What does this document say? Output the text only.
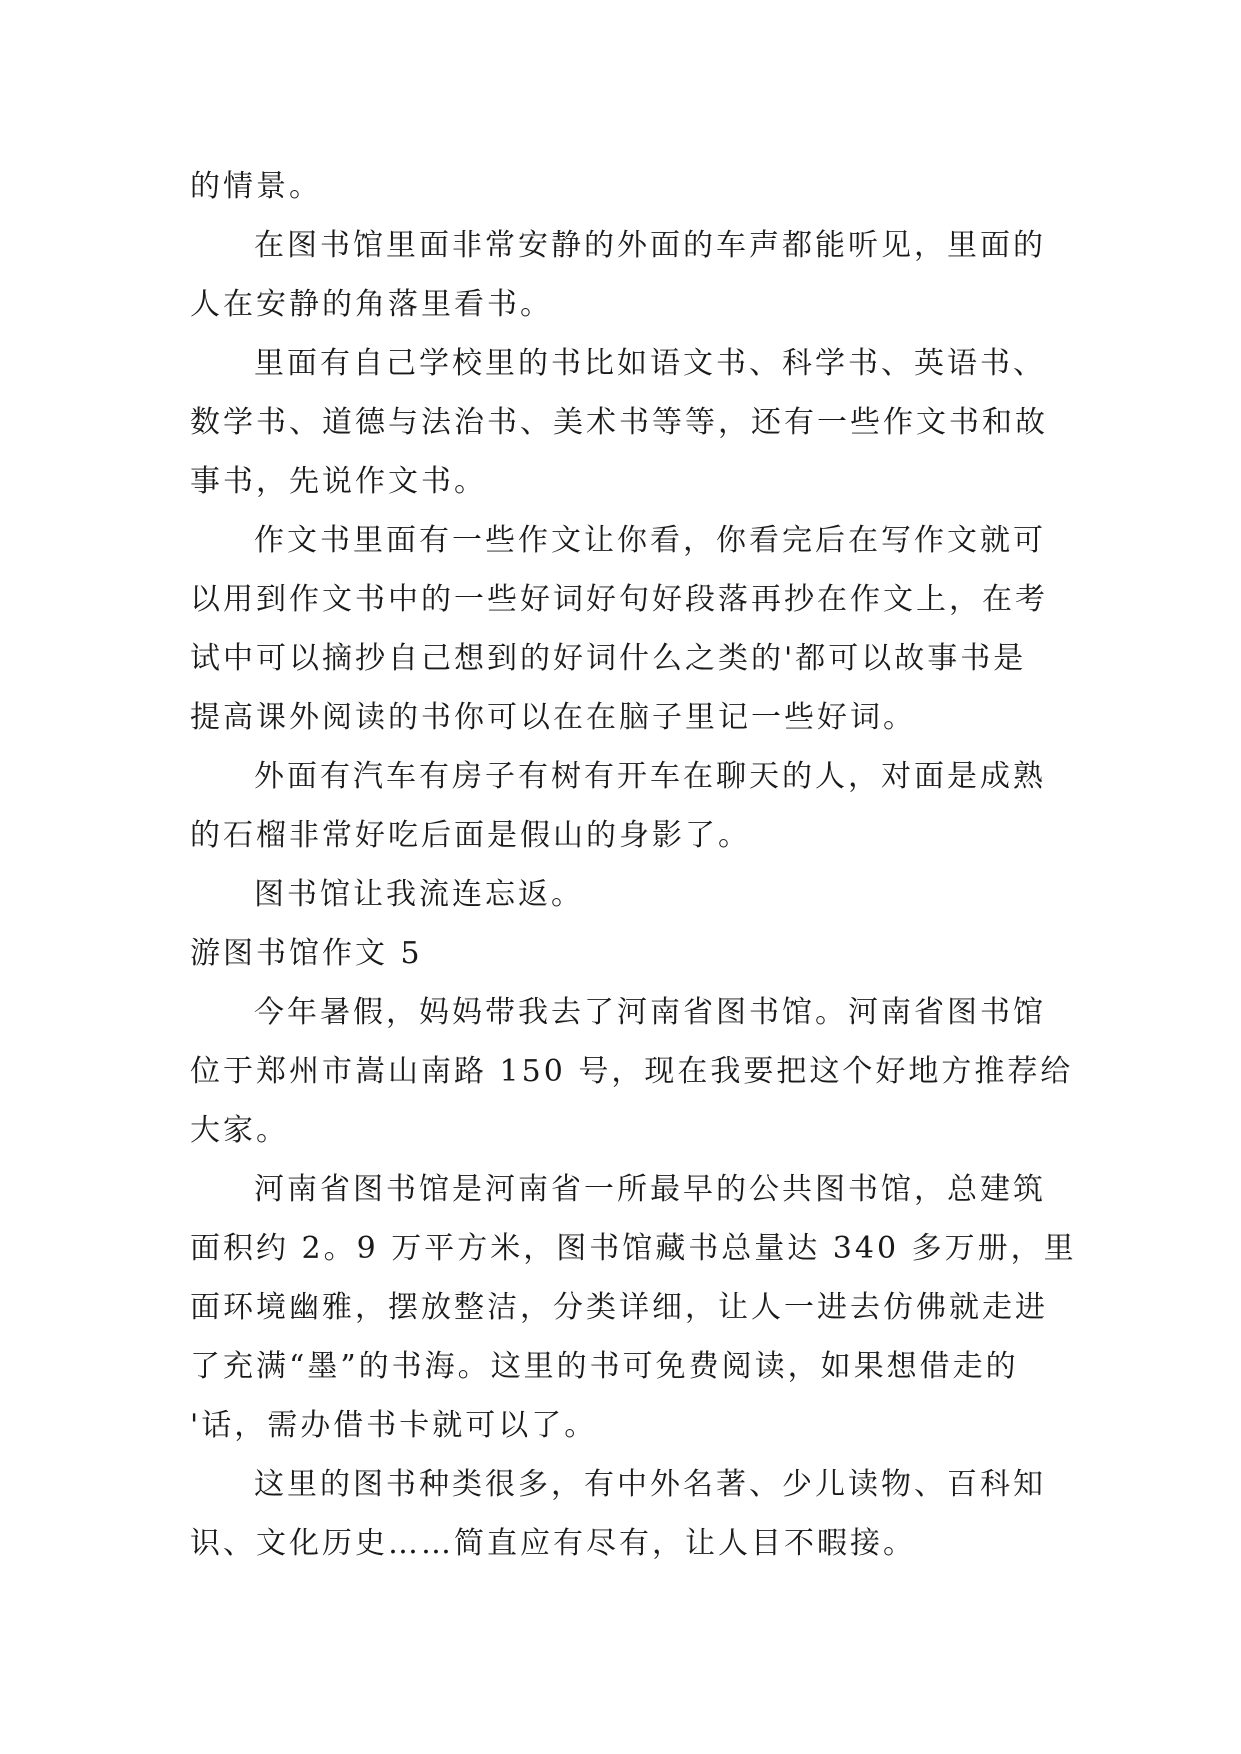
的情景。

在图书馆里面非常安静的外面的车声都能听见，里面的
人在安静的角落里看书。

里面有自己学校里的书比如语文书、科学书、英语书、
数学书、道德与法治书、美术书等等，还有一些作文书和故
事书，先说作文书。

作文书里面有一些作文让你看，你看完后在写作文就可
以用到作文书中的一些好词好句好段落再抄在作文上，在考
试中可以摘抄自己想到的好词什么之类的'都可以故事书是
提高课外阅读的书你可以在在脑子里记一些好词。

外面有汽车有房子有树有开车在聊天的人，对面是成熟
的石榴非常好吃后面是假山的身影了。

图书馆让我流连忘返。

游图书馆作文 5

今年暑假，妈妈带我去了河南省图书馆。河南省图书馆
位于郑州市嵩山南路 150 号，现在我要把这个好地方推荐给
大家。

河南省图书馆是河南省一所最早的公共图书馆，总建筑
面积约 2。9 万平方米，图书馆藏书总量达 340 多万册，里
面环境幽雅，摆放整洁，分类详细，让人一进去仿佛就走进
了充满“墨”的书海。这里的书可免费阅读，如果想借走的
'话，需办借书卡就可以了。

这里的图书种类很多，有中外名著、少儿读物、百科知
识、文化历史……简直应有尽有，让人目不暇接。
